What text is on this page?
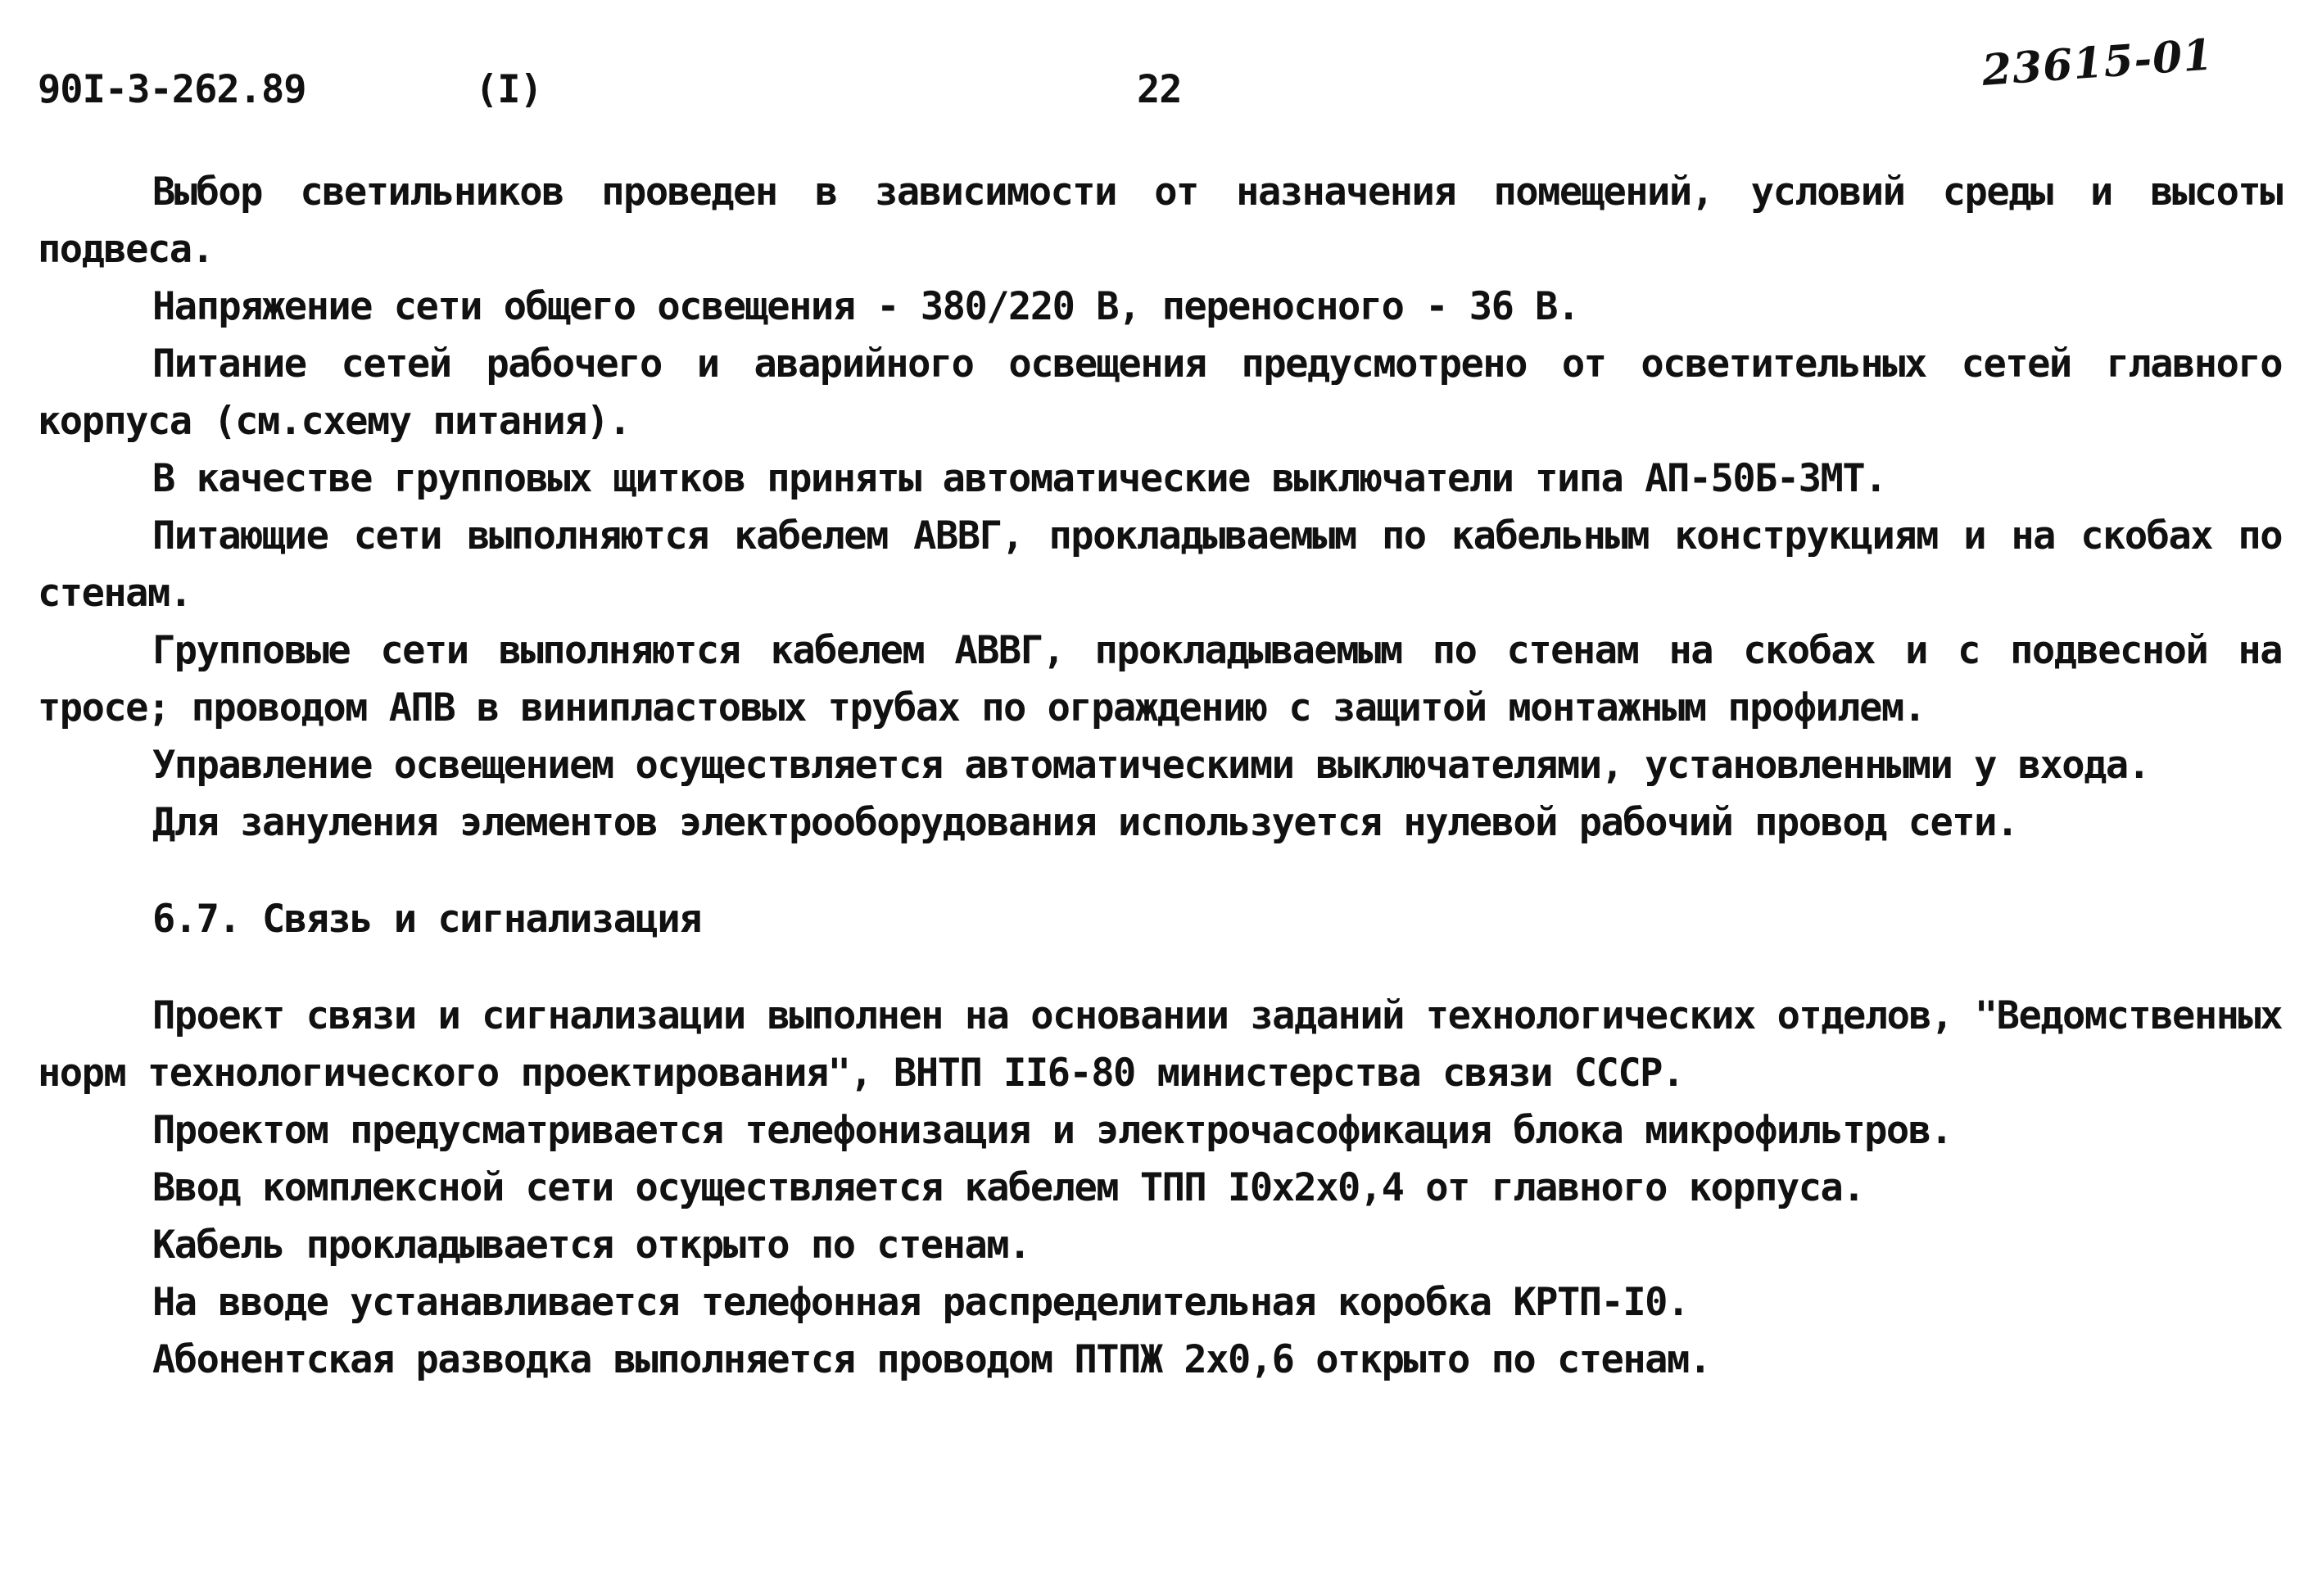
90I-3-262.89	(I)	22	23615-01

Выбор светильников проведен в зависимости от назначения помещений, условий среды и высоты подвеса.

Напряжение сети общего освещения - 380/220 В, переносного - 36 В.

Питание сетей рабочего и аварийного освещения предусмотрено от осветительных сетей главного корпуса (см.схему питания).

В качестве групповых щитков приняты автоматические выключатели типа АП-50Б-3МТ.

Питающие сети выполняются кабелем АВВГ, прокладываемым по кабельным конструкциям и на скобах по стенам.

Групповые сети выполняются кабелем АВВГ, прокладываемым по стенам на скобах и с подвесной на тросе; проводом АПВ в винипластовых трубах по ограждению с защитой монтажным профилем.

Управление освещением осуществляется автоматическими выключателями, установленными у входа.

Для зануления элементов электрооборудования используется нулевой рабочий провод сети.

6.7. Связь и сигнализация

Проект связи и сигнализации выполнен на основании заданий технологических отделов, "Ведомственных норм технологического проектирования", ВНТП II6-80 министерства связи СССР.

Проектом предусматривается телефонизация и электрочасофикация блока микрофильтров.

Ввод комплексной сети осуществляется кабелем ТПП I0x2x0,4 от главного корпуса.

Кабель прокладывается открыто по стенам.

На вводе устанавливается телефонная распределительная коробка КРТП-I0.

Абонентская разводка выполняется проводом ПТПЖ 2x0,6 открыто по стенам.
